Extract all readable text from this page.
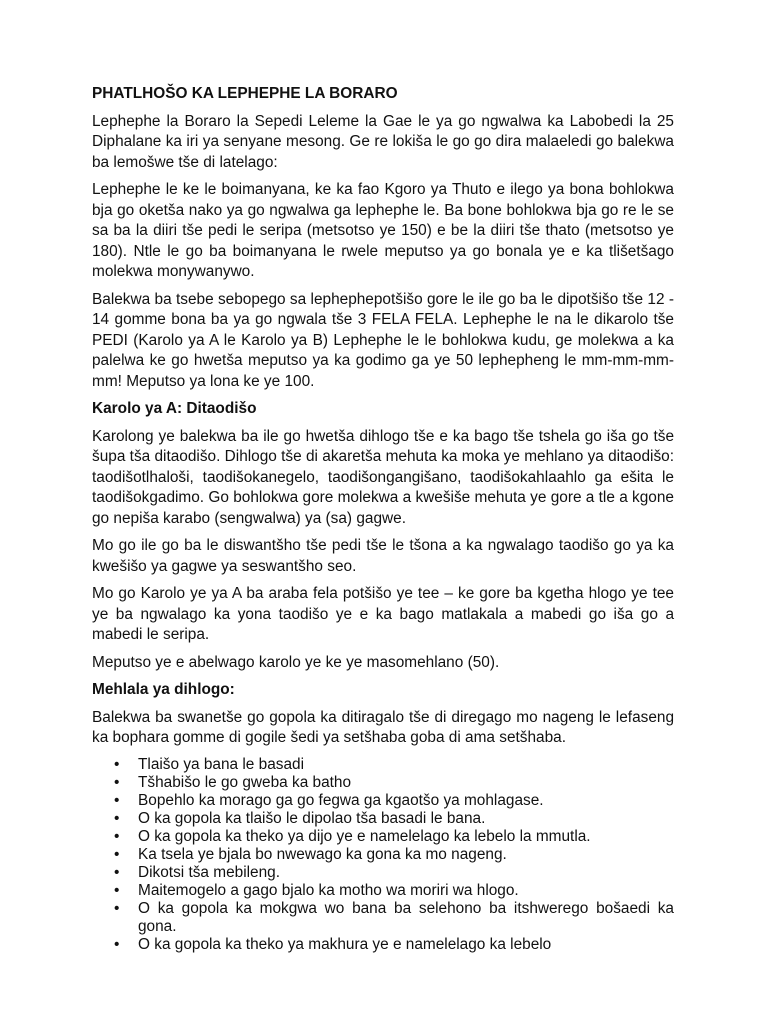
PHATLHOŠO KA LEPHEPHE LA BORARO
Lephephe la Boraro la Sepedi Leleme la Gae le ya go ngwalwa ka Labobedi la 25 Diphalane ka iri ya senyane mesong. Ge re lokiša le go go dira malaeledi go balekwa ba lemošwe tše di latelago:
Lephephe le ke le boimanyana, ke ka fao Kgoro ya Thuto e ilego ya bona bohlokwa bja go oketša nako ya go ngwalwa ga lephephe le. Ba bone bohlokwa bja go re le se sa ba la diiri tše pedi le seripa (metsotso ye 150) e be la diiri tše thato (metsotso ye 180). Ntle le go ba boimanyana le rwele meputso ya go bonala ye e ka tlišetšago molekwa monywanywo.
Balekwa ba tsebe sebopego sa lephephepotšišo gore le ile go ba le dipotšišo tše 12 - 14 gomme bona ba ya go ngwala tše 3 FELA FELA. Lephephe le na le dikarolo tše PEDI (Karolo ya A le Karolo ya B) Lephephe le le bohlokwa kudu, ge molekwa a ka palelwa ke go hwetša meputso ya ka godimo ga ye 50 lephepheng le mm-mm-mm-mm! Meputso ya lona ke ye 100.
Karolo ya A: Ditaodišo
Karolong ye balekwa ba ile go hwetša dihlogo tše e ka bago tše tshela go iša go tše šupa tša ditaodišo. Dihlogo tše di akaretša mehuta ka moka ye mehlano ya ditaodišo: taodišotlhaloši, taodišokanegelo, taodišongangišano, taodišokahlaahlo ga ešita le taodišokgadimo. Go bohlokwa gore molekwa a kwešiše mehuta ye gore a tle a kgone go nepiša karabo (sengwalwa) ya (sa) gagwe.
Mo go ile go ba le diswantšho tše pedi tše le tšona a ka ngwalago taodišo go ya ka kwešišo ya gagwe ya seswantšho seo.
Mo go Karolo ye ya A ba araba fela potšišo ye tee – ke gore ba kgetha hlogo ye tee ye ba ngwalago ka yona taodišo ye e ka bago matlakala a mabedi go iša go a mabedi le seripa.
Meputso ye e abelwago karolo ye ke ye masomehlano (50).
Mehlala ya dihlogo:
Balekwa ba swanetše go gopola ka ditiragalo tše di diregago mo nageng le lefaseng ka bophara gomme di gogile šedi ya setšhaba goba di ama setšhaba.
• Tlaišo ya bana le basadi
• Tšhabišo le go gweba ka batho
• Bopehlo ka morago ga go fegwa ga kgaotšo ya mohlagase.
• O ka gopola ka tlaišo le dipolao tša basadi le bana.
• O ka gopola ka theko ya dijo ye e namelelago ka lebelo la mmutla.
• Ka tsela ye bjala bo nwewago ka gona ka mo nageng.
• Dikotsi tša mebileng.
• Maitemogelo a gago bjalo ka motho wa moriri wa hlogo.
• O ka gopola ka mokgwa wo bana ba selehono ba itshwerego bošaedi ka gona.
• O ka gopola ka theko ya makhura ye e namelelago ka lebelo
